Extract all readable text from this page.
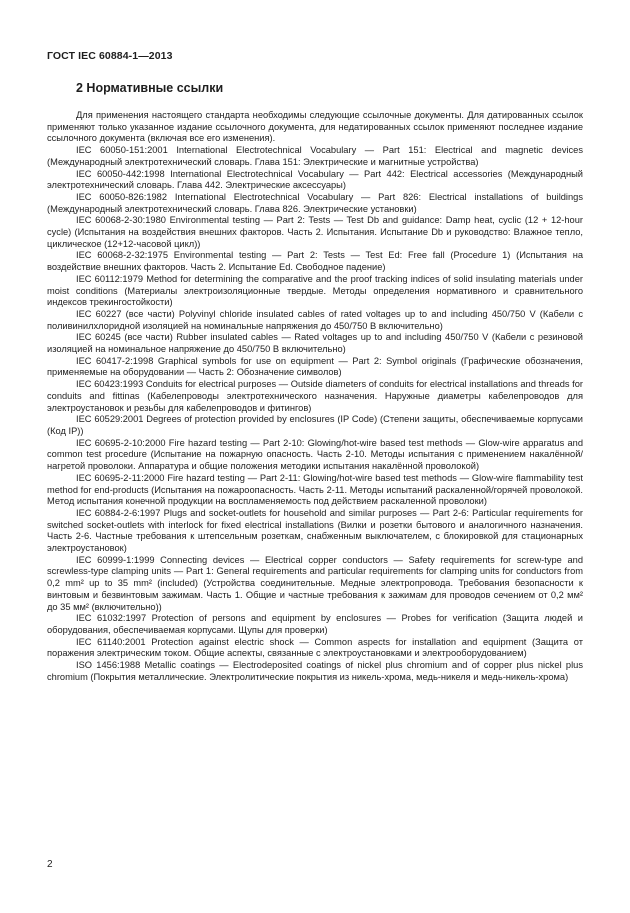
ГОСТ IEC 60884-1—2013
2 Нормативные ссылки

Для применения настоящего стандарта необходимы следующие ссылочные документы. Для датированных ссылок применяют только указанное издание ссылочного документа, для недатированных ссылок применяют последнее издание ссылочного документа (включая все его изменения).

IEC 60050-151:2001 International Electrotechnical Vocabulary — Part 151: Electrical and magnetic devices (Международный электротехнический словарь. Глава 151: Электрические и магнитные устройства)

IEC 60050-442:1998 International Electrotechnical Vocabulary — Part 442: Electrical accessories (Международный электротехнический словарь. Глава 442. Электрические аксессуары)

IEC 60050-826:1982 International Electrotechnical Vocabulary — Part 826: Electrical installations of buildings (Международный электротехнический словарь. Глава 826. Электрические установки)

IEC 60068-2-30:1980 Environmental testing — Part 2: Tests — Test Db and guidance: Damp heat, cyclic (12 + 12-hour cycle) (Испытания на воздействия внешних факторов. Часть 2. Испытания. Испытание Db и руководство: Влажное тепло, циклическое (12+12-часовой цикл))

IEC 60068-2-32:1975 Environmental testing — Part 2: Tests — Test Ed: Free fall (Procedure 1) (Испытания на воздействие внешних факторов. Часть 2. Испытание Ed. Свободное падение)

IEC 60112:1979 Method for determining the comparative and the proof tracking indices of solid insulating materials under moist conditions (Материалы электроизоляционные твердые. Методы определения нормативного и сравнительного индексов трекингостойкости)

IEC 60227 (все части) Polyvinyl chloride insulated cables of rated voltages up to and including 450/750 V (Кабели с поливинилхлоридной изоляцией на номинальные напряжения до 450/750 В включительно)

IEC 60245 (все части) Rubber insulated cables — Rated voltages up to and including 450/750 V (Кабели с резиновой изоляцией на номинальное напряжение до 450/750 В включительно)

IEC 60417-2:1998 Graphical symbols for use on equipment — Part 2: Symbol originals (Графические обозначения, применяемые на оборудовании — Часть 2: Обозначение символов)

IEC 60423:1993 Conduits for electrical purposes — Outside diameters of conduits for electrical installations and threads for conduits and fittinas (Кабелепроводы электротехнического назначения. Наружные диаметры кабелепроводов для электроустановок и резьбы для кабелепроводов и фитингов)

IEC 60529:2001 Degrees of protection provided by enclosures (IP Code) (Степени защиты, обеспечиваемые корпусами (Код IP))

IEC 60695-2-10:2000 Fire hazard testing — Part 2-10: Glowing/hot-wire based test methods — Glow-wire apparatus and common test procedure (Испытание на пожарную опасность. Часть 2-10. Методы испытания с применением накалённой/нагретой проволоки. Аппаратура и общие положения методики испытания накалённой проволокой)

IEC 60695-2-11:2000 Fire hazard testing — Part 2-11: Glowing/hot-wire based test methods — Glow-wire flammability test method for end-products (Испытания на пожароопасность. Часть 2-11. Методы испытаний раскаленной/горячей проволокой. Метод испытания конечной продукции на воспламеняемость под действием раскаленной проволоки)

IEC 60884-2-6:1997 Plugs and socket-outlets for household and similar purposes — Part 2-6: Particular requirements for switched socket-outlets with interlock for fixed electrical installations (Вилки и розетки бытового и аналогичного назначения. Часть 2-6. Частные требования к штепсельным розеткам, снабженным выключателем, с блокировкой для стационарных электроустановок)

IEC 60999-1:1999 Connecting devices — Electrical copper conductors — Safety requirements for screw-type and screwless-type clamping units — Part 1: General requirements and particular requirements for clamping units for conductors from 0,2 mm² up to 35 mm² (included) (Устройства соединительные. Медные электропровода. Требования безопасности к винтовым и безвинтовым зажимам. Часть 1. Общие и частные требования к зажимам для проводов сечением от 0,2 мм² до 35 мм² (включительно))

IEC 61032:1997 Protection of persons and equipment by enclosures — Probes for verification (Защита людей и оборудования, обеспечиваемая корпусами. Щупы для проверки)

IEC 61140:2001 Protection against electric shock — Common aspects for installation and equipment (Защита от поражения электрическим током. Общие аспекты, связанные с электроустановками и электрооборудованием)

ISO 1456:1988 Metallic coatings — Electrodeposited coatings of nickel plus chromium and of copper plus nickel plus chromium (Покрытия металлические. Электролитические покрытия из никель-хрома, медь-никеля и медь-никель-хрома)

2
